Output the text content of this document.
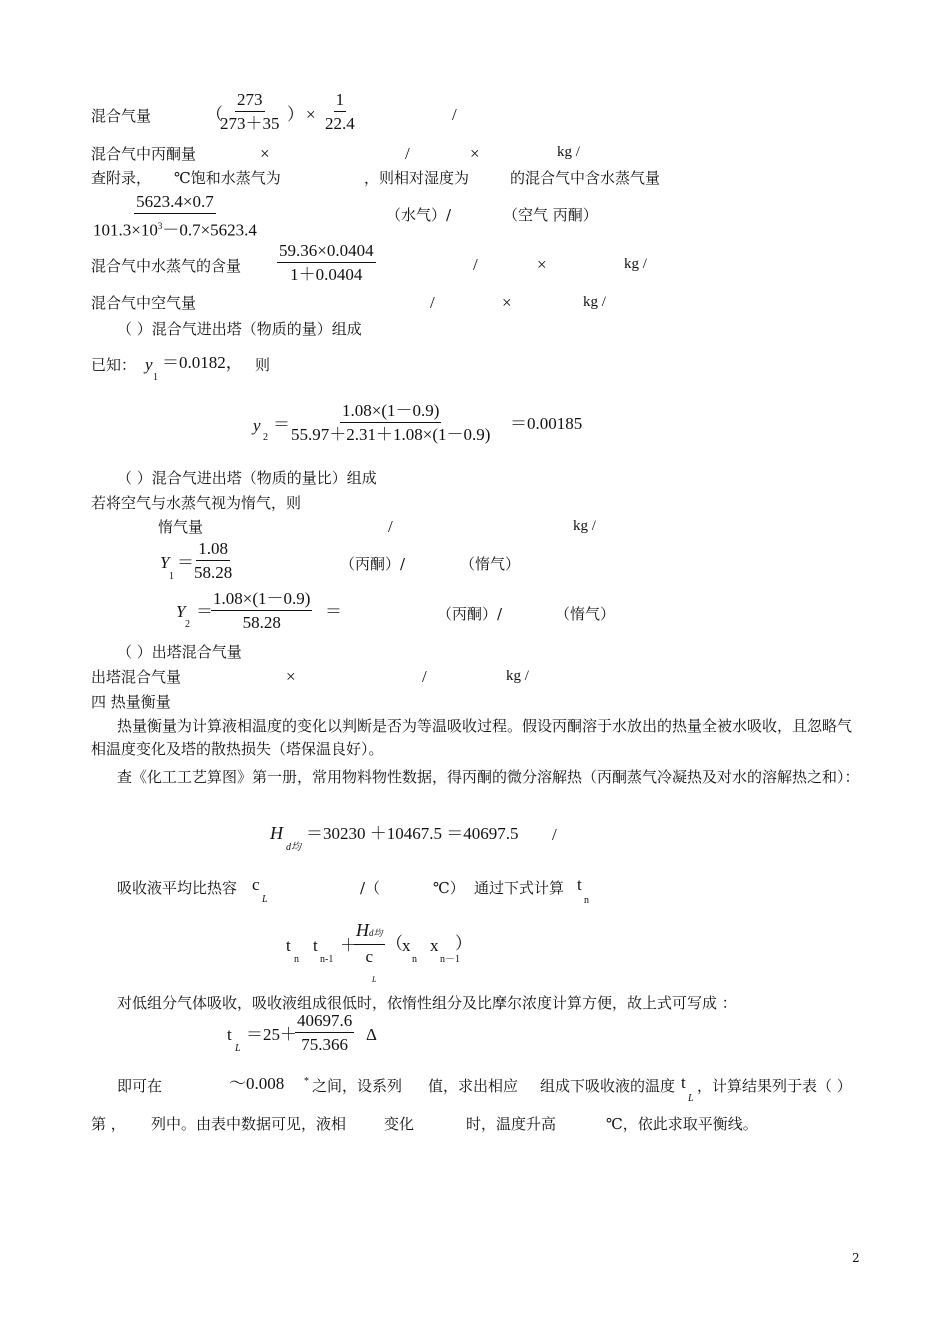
混合气量	（
$\frac{273}{273+35}$ ） × $\frac{1}{22.4}$	/
混合气中丙酮量	×	/	×	kg /
查附录， ℃饱和水蒸气为	，则相对湿度为	的混合气中含水蒸气量
$\frac{5623.4\times 0.7}{101.3\times 10^3-0.7\times 5623.4}$	（水气）/	（空气 丙酮）
混合气中水蒸气的含量 $\frac{59.36\times 0.0404}{1+0.0404}$	/	×	kg /
混合气中空气量	/	×	kg /
（ ）混合气进出塔（物质的量）组成
已知： y
1
＝0.0182， 则
y
2
＝ $\frac{1.08\times(1-0.9)}{55.97+2.31+1.08\times(1-0.9)} =0.00185$
（ ）混合气进出塔（物质的量比）组成
若将空气与水蒸气视为惰气，则
惰气量	/	kg /
Y
1
＝
$\frac{1.08}{58.28}$	（丙酮）/	（惰气）
Y
2
＝
$\frac{1.08\times(1-0.9)}{58.28}$ ＝	（丙酮）/	（惰气）
（ ）出塔混合气量
出塔混合气量	×	/	kg /
四 热量衡量
热量衡量为计算液相温度的变化以判断是否为等温吸收过程。假设丙酮溶于水放出的热量全被水吸收，且忽略气相温度变化及塔的散热损失（塔保温良好）。
查《化工工艺算图》第一册，常用物料物性数据，得丙酮的微分溶解热（丙酮蒸气冷凝热及对水的溶解热之和）：
H
d均
＝30230 ＋10467.5 ＝40697.5 /
吸收液平均比热容 c
L
/（	℃） 通过下式计算 t
n
t
n
t
n-1
＋
Hd均
c
L
（ x
n
x
n－1
）
对低组分气体吸收，吸收液组成很低时，依惰性组分及比摩尔浓度计算方便，故上式可写成 ：
t
L
＝25＋
$\frac{40697.6}{75.366}$ Δ
即可在	～0.008 * 之间，设系列 值，求出相应 组成下吸收液的温度 t
L
，计算结果列于表（ ）
第 ， 列中。由表中数据可见，液相	变化	时，温度升高	℃，依此求取平衡线。
2
